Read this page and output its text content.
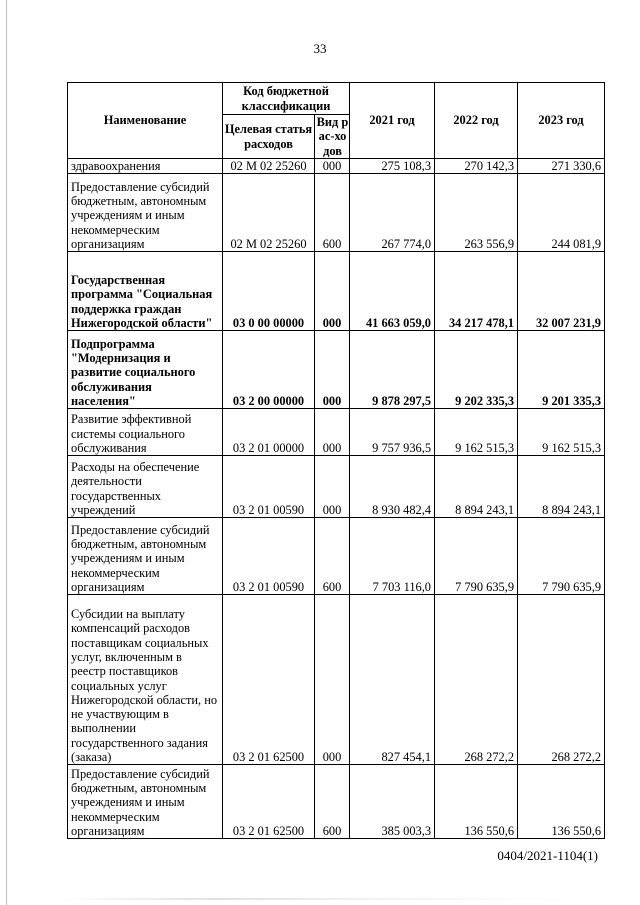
33
Наименование	Код бюджетной классификации		2021 год	2022 год	2023 год
	Целевая статья расходов	Вид рас-ходов			

здравоохранения	02 М 02 25260	000	275 108,3	270 142,3	271 330,6
Предоставление субсидий бюджетным, автономным учреждениям и иным некоммерческим организациям	02 М 02 25260	600	267 774,0	263 556,9	244 081,9
Государственная программа "Социальная поддержка граждан Нижегородской области"	03 0 00 00000	000	41 663 059,0	34 217 478,1	32 007 231,9
Подпрограмма "Модернизация и развитие социального обслуживания населения"	03 2 00 00000	000	9 878 297,5	9 202 335,3	9 201 335,3
Развитие эффективной системы социального обслуживания	03 2 01 00000	000	9 757 936,5	9 162 515,3	9 162 515,3
Расходы на обеспечение деятельности государственных учреждений	03 2 01 00590	000	8 930 482,4	8 894 243,1	8 894 243,1
Предоставление субсидий бюджетным, автономным учреждениям и иным некоммерческим организациям	03 2 01 00590	600	7 703 116,0	7 790 635,9	7 790 635,9
Субсидии на выплату компенсаций расходов поставщикам социальных услуг, включенным в реестр поставщиков социальных услуг Нижегородской области, но не участвующим в выполнении государственного задания (заказа)	03 2 01 62500	000	827 454,1	268 272,2	268 272,2
Предоставление субсидий бюджетным, автономным учреждениям и иным некоммерческим организациям	03 2 01 62500	600	385 003,3	136 550,6	136 550,6
0404/2021-1104(1)
